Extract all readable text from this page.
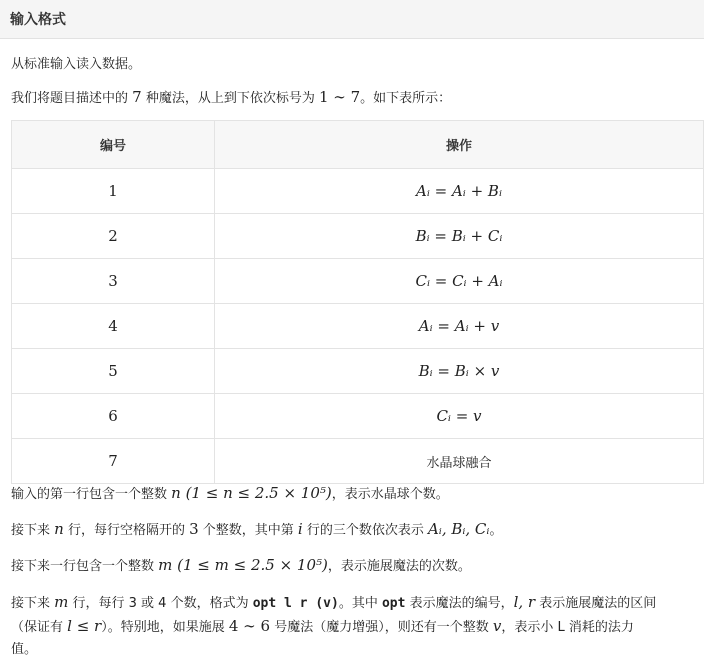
输入格式
从标准输入读入数据。
我们将题目描述中的 7 种魔法，从上到下依次标号为 1 ∼ 7。如下表所示：
编号	操作
1	Aᵢ = Aᵢ + Bᵢ
2	Bᵢ = Bᵢ + Cᵢ
3	Cᵢ = Cᵢ + Aᵢ
4	Aᵢ = Aᵢ + v
5	Bᵢ = Bᵢ × v
6	Cᵢ = v
7	水晶球融合
输入的第一行包含一个整数 n (1 ≤ n ≤ 2.5 × 10⁵)，表示水晶球个数。
接下来 n 行，每行空格隔开的 3 个整数，其中第 i 行的三个数依次表示 Aᵢ, Bᵢ, Cᵢ。
接下来一行包含一个整数 m (1 ≤ m ≤ 2.5 × 10⁵)，表示施展魔法的次数。
接下来 m 行，每行 3 或 4 个数，格式为 opt l r (v)。其中 opt 表示魔法的编号，l, r 表示施展魔法的区间
（保证有 l ≤ r）。特别地，如果施展 4 ∼ 6 号魔法（魔力增强），则还有一个整数 v，表示小 L 消耗的法力
值。
